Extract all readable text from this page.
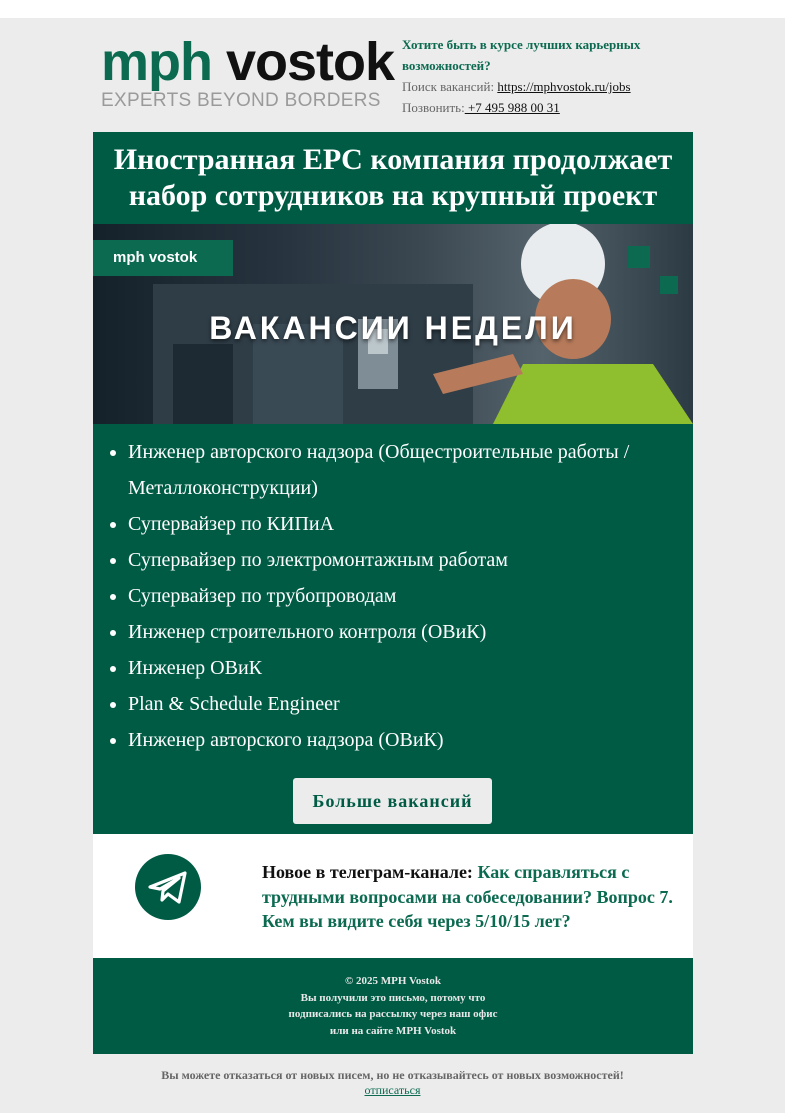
mph vostok
EXPERTS BEYOND BORDERS
Хотите быть в курсе лучших карьерных возможностей?
Поиск вакансий: https://mphvostok.ru/jobs
Позвонить: +7 495 988 00 31
Иностранная EPC компания продолжает набор сотрудников на крупный проект
mph vostok
ВАКАНСИИ НЕДЕЛИ
• Инженер авторского надзора (Общестроительные работы / Металлоконструкции)
• Супервайзер по КИПиА
• Супервайзер по электромонтажным работам
• Супервайзер по трубопроводам
• Инженер строительного контроля (ОВиК)
• Инженер ОВиК
• Plan & Schedule Engineer
• Инженер авторского надзора (ОВиК)
Больше вакансий
Новое в телеграм-канале: Как справляться с трудными вопросами на собеседовании? Вопрос 7. Кем вы видите себя через 5/10/15 лет?
© 2025 MPH Vostok
Вы получили это письмо, потому что
подписались на рассылку через наш офис
или на сайте MPH Vostok
Вы можете отказаться от новых писем, но не отказывайтесь от новых возможностей!
отписаться
